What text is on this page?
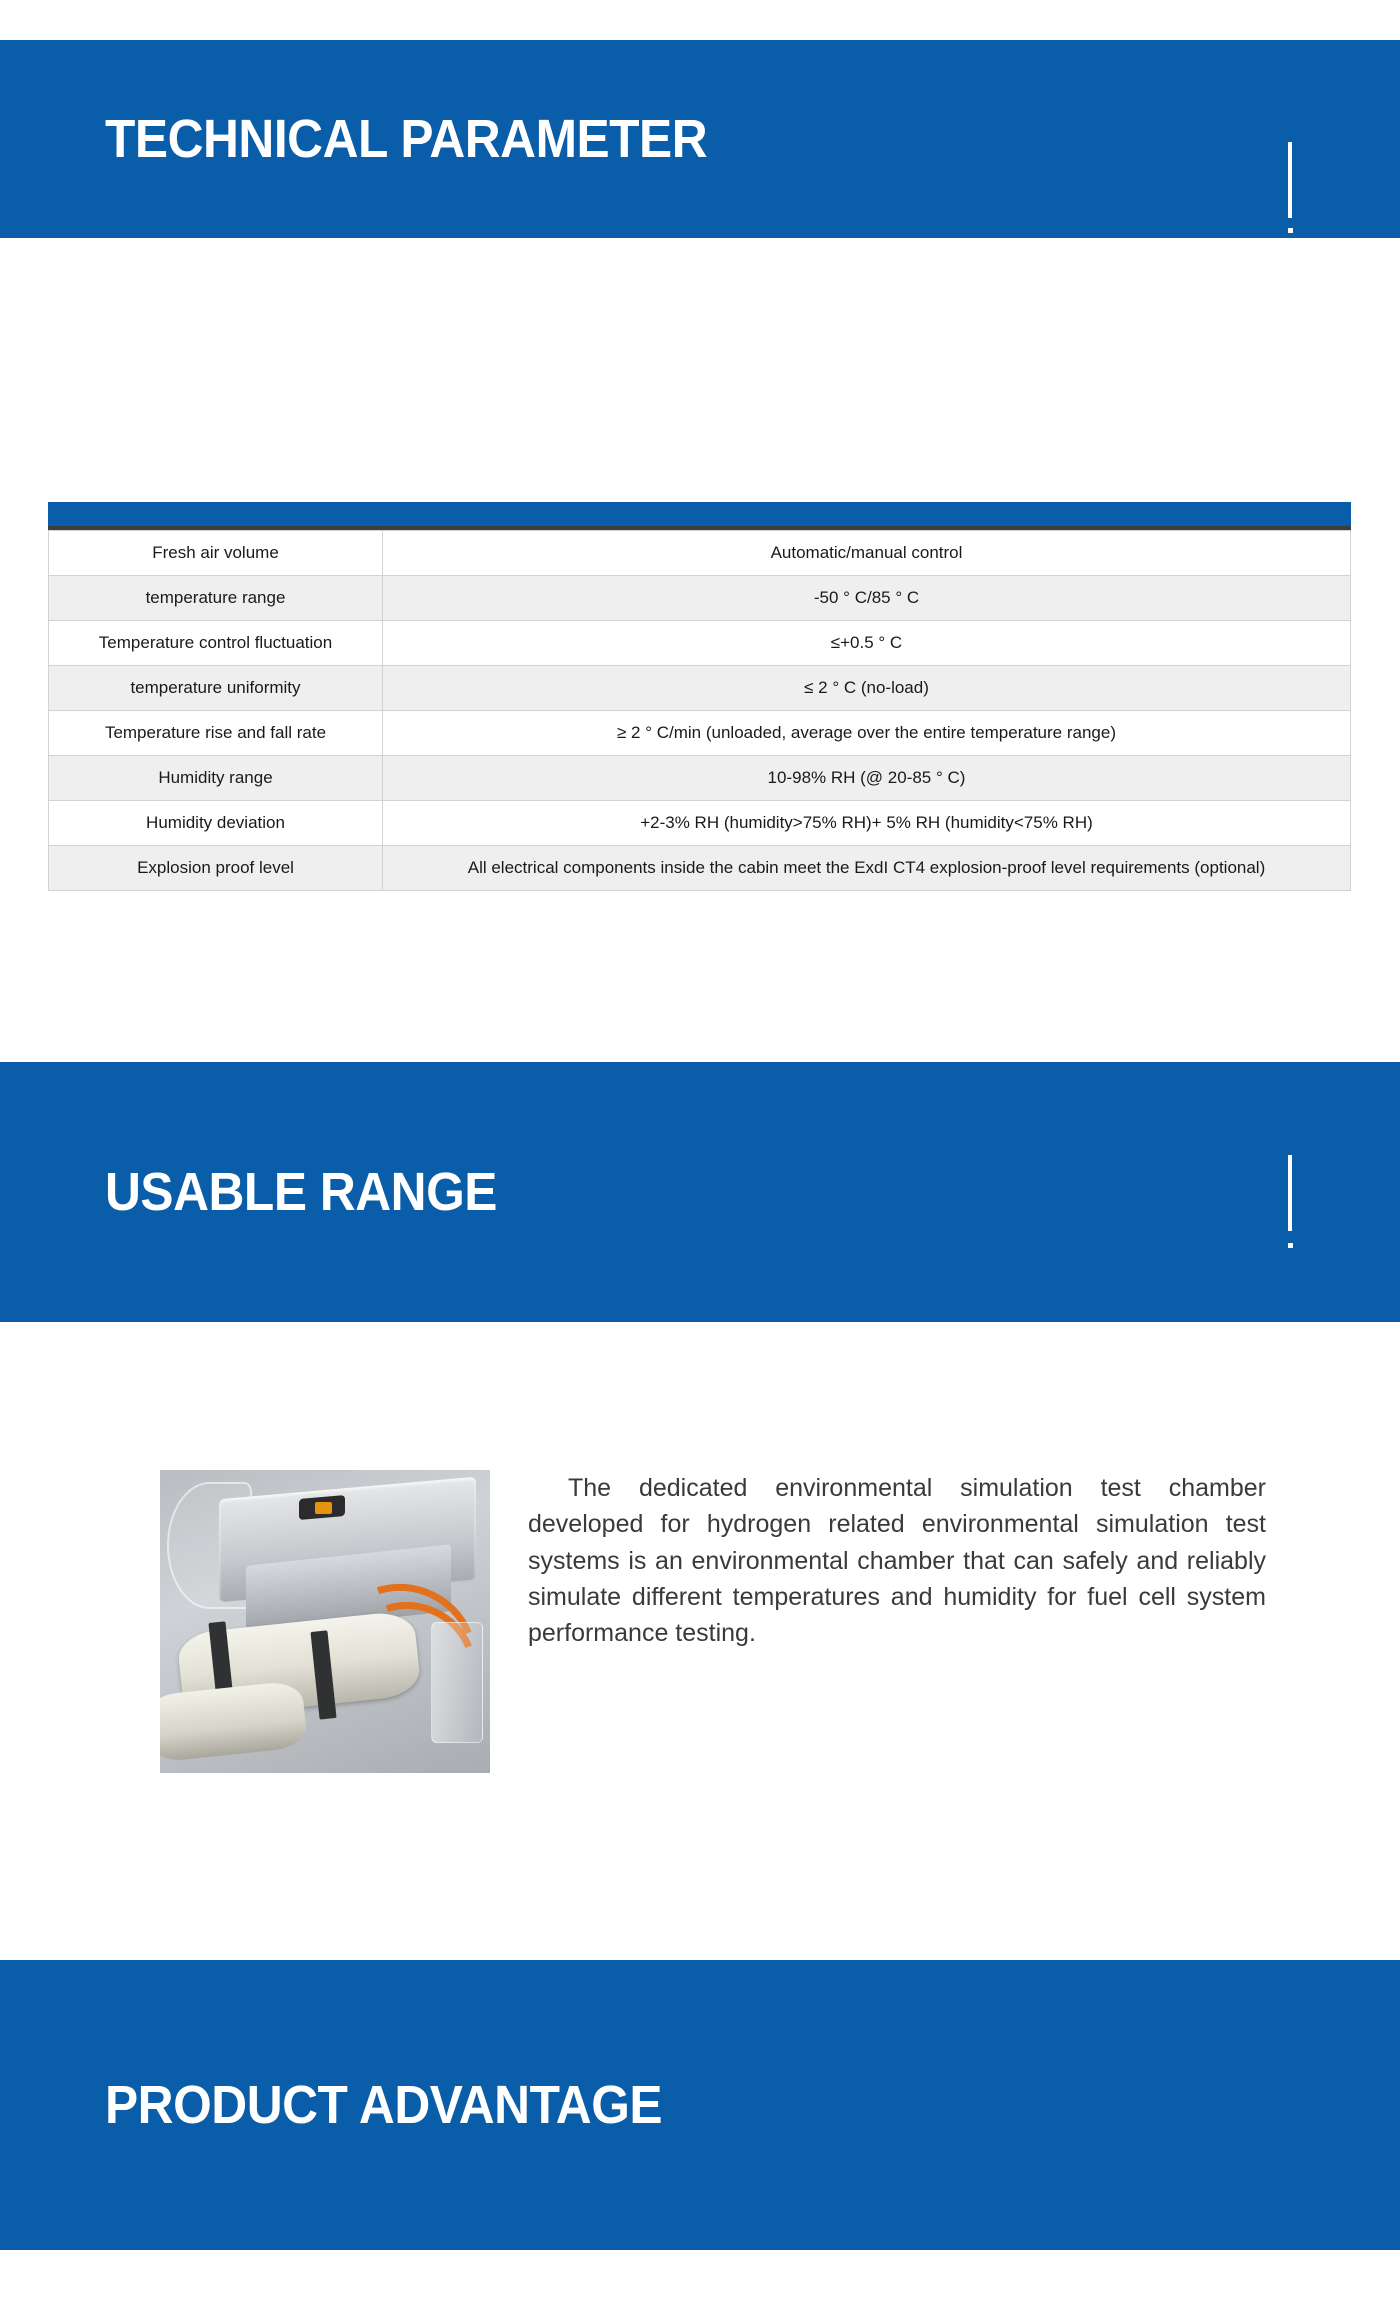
TECHNICAL PARAMETER
Fresh air volume	Automatic/manual control
temperature range	-50 ° C/85 ° C
Temperature control fluctuation	≤+0.5 ° C
temperature uniformity	≤ 2 ° C (no-load)
Temperature rise and fall rate	≥ 2 ° C/min (unloaded, average over the entire temperature range)
Humidity range	10-98% RH (@ 20-85 ° C)
Humidity deviation	+2-3% RH (humidity>75% RH)+ 5% RH (humidity<75% RH)
Explosion proof level	All electrical components inside the cabin meet the ExdI CT4 explosion-proof level requirements (optional)
USABLE RANGE
The dedicated environmental simulation test chamber developed for hydrogen related environmental simulation test systems is an environmental chamber that can safely and reliably simulate different temperatures and humidity for fuel cell system performance testing.
PRODUCT ADVANTAGE
